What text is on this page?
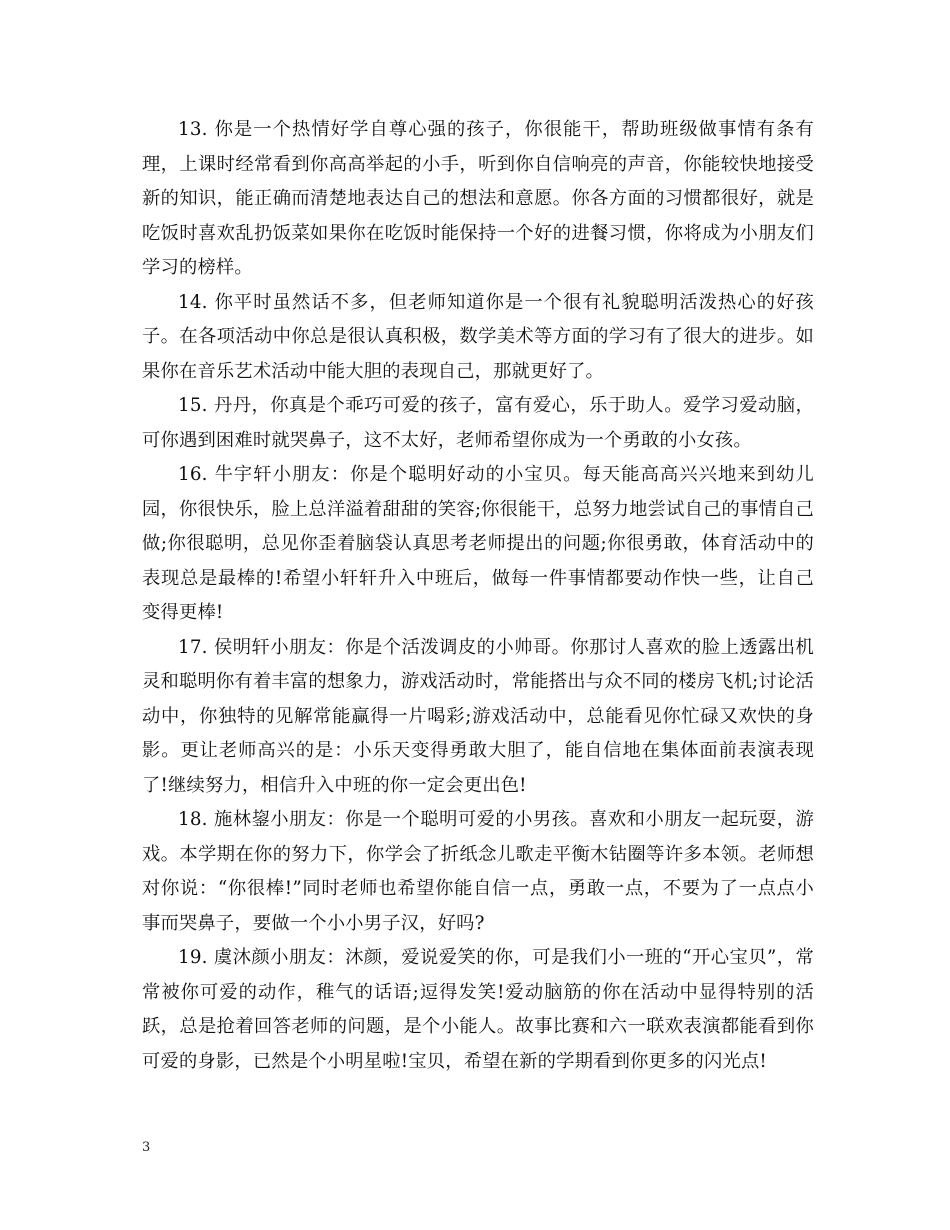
13. 你是一个热情好学自尊心强的孩子，你很能干，帮助班级做事情有条有理，上课时经常看到你高高举起的小手，听到你自信响亮的声音，你能较快地接受新的知识，能正确而清楚地表达自己的想法和意愿。你各方面的习惯都很好，就是吃饭时喜欢乱扔饭菜如果你在吃饭时能保持一个好的进餐习惯，你将成为小朋友们学习的榜样。

14. 你平时虽然话不多，但老师知道你是一个很有礼貌聪明活泼热心的好孩子。在各项活动中你总是很认真积极，数学美术等方面的学习有了很大的进步。如果你在音乐艺术活动中能大胆的表现自己，那就更好了。

15. 丹丹，你真是个乖巧可爱的孩子，富有爱心，乐于助人。爱学习爱动脑，可你遇到困难时就哭鼻子，这不太好，老师希望你成为一个勇敢的小女孩。

16. 牛宇轩小朋友：你是个聪明好动的小宝贝。每天能高高兴兴地来到幼儿园，你很快乐，脸上总洋溢着甜甜的笑容;你很能干，总努力地尝试自己的事情自己做;你很聪明，总见你歪着脑袋认真思考老师提出的问题;你很勇敢，体育活动中的表现总是最棒的!希望小轩轩升入中班后，做每一件事情都要动作快一些，让自己变得更棒!

17. 侯明轩小朋友：你是个活泼调皮的小帅哥。你那讨人喜欢的脸上透露出机灵和聪明你有着丰富的想象力，游戏活动时，常能搭出与众不同的楼房飞机;讨论活动中，你独特的见解常能赢得一片喝彩;游戏活动中，总能看见你忙碌又欢快的身影。更让老师高兴的是：小乐天变得勇敢大胆了，能自信地在集体面前表演表现了!继续努力，相信升入中班的你一定会更出色!

18. 施林鋆小朋友：你是一个聪明可爱的小男孩。喜欢和小朋友一起玩耍，游戏。本学期在你的努力下，你学会了折纸念儿歌走平衡木钻圈等许多本领。老师想对你说：“你很棒!”同时老师也希望你能自信一点，勇敢一点，不要为了一点点小事而哭鼻子，要做一个小小男子汉，好吗?

19. 虞沐颜小朋友：沐颜，爱说爱笑的你，可是我们小一班的“开心宝贝”，常常被你可爱的动作，稚气的话语;逗得发笑!爱动脑筋的你在活动中显得特别的活跃，总是抢着回答老师的问题，是个小能人。故事比赛和六一联欢表演都能看到你可爱的身影，已然是个小明星啦!宝贝，希望在新的学期看到你更多的闪光点!

3
